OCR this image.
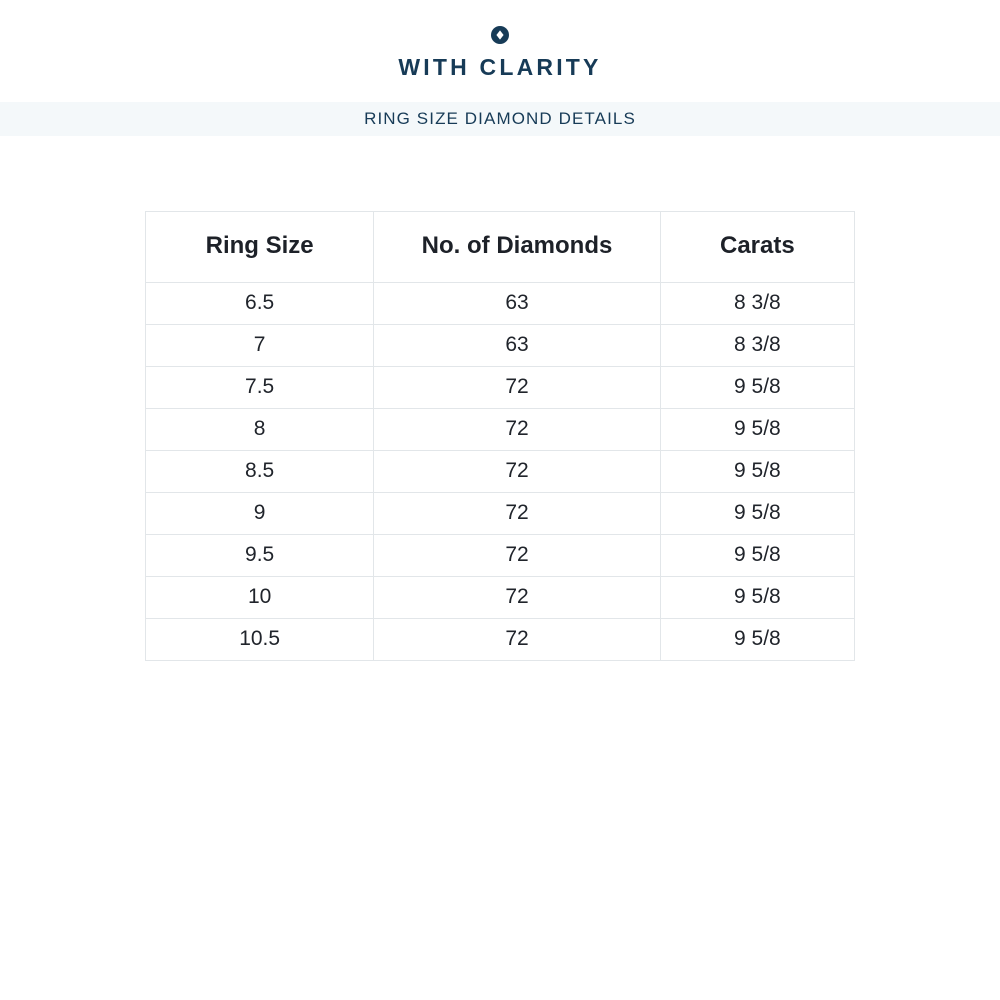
WITH CLARITY
RING SIZE DIAMOND DETAILS
Ring Size	No. of Diamonds	Carats
6.5	63	8 3/8
7	63	8 3/8
7.5	72	9 5/8
8	72	9 5/8
8.5	72	9 5/8
9	72	9 5/8
9.5	72	9 5/8
10	72	9 5/8
10.5	72	9 5/8
